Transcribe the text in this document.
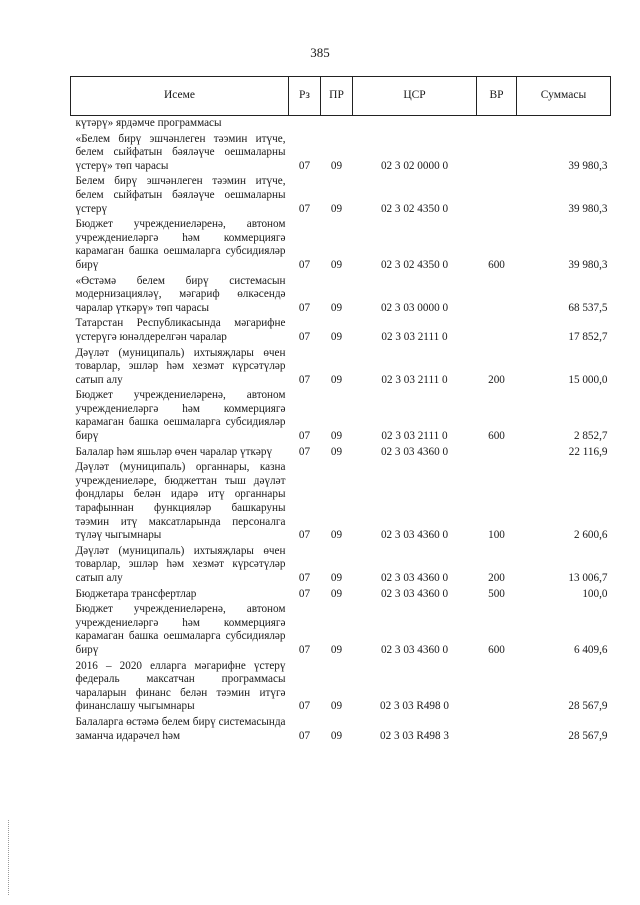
385
Исеме	Рз	ПР	ЦСР	ВР	Суммасы
күтәрү» ярдәмче программасы					
«Белем бирү эшчәнлеген тәэмин итүче, белем сыйфатын бәяләүче оешмаларны үстерү» төп чарасы	07	09	02 3 02 0000 0		39 980,3
Белем бирү эшчәнлеген тәэмин итүче, белем сыйфатын бәяләүче оешмаларны үстерү	07	09	02 3 02 4350 0		39 980,3
Бюджет учреждениеләренә, автоном учреждениеләргә һәм коммерциягә карамаган башка оешмаларга субсидияләр бирү	07	09	02 3 02 4350 0	600	39 980,3
«Өстәмә белем бирү системасын модернизацияләү, мәгариф өлкәсендә чаралар үткәрү» төп чарасы	07	09	02 3 03 0000 0		68 537,5
Татарстан Республикасында мәгарифне үстерүгә юнәлдерелгән чаралар	07	09	02 3 03 2111 0		17 852,7
Дәүләт (муниципаль) ихтыяҗлары өчен товарлар, эшләр һәм хезмәт күрсәтүләр сатып алу	07	09	02 3 03 2111 0	200	15 000,0
Бюджет учреждениеләренә, автоном учреждениеләргә һәм коммерциягә карамаган башка оешмаларга субсидияләр бирү	07	09	02 3 03 2111 0	600	2 852,7
Балалар һәм яшьләр өчен чаралар үткәрү	07	09	02 3 03 4360 0		22 116,9
Дәүләт (муниципаль) органнары, казна учреждениеләре, бюджеттан тыш дәүләт фондлары белән идарә итү органнары тарафыннан функцияләр башкаруны тәэмин итү максатларында персоналга түләү чыгымнары	07	09	02 3 03 4360 0	100	2 600,6
Дәүләт (муниципаль) ихтыяҗлары өчен товарлар, эшләр һәм хезмәт күрсәтүләр сатып алу	07	09	02 3 03 4360 0	200	13 006,7
Бюджетара трансфертлар	07	09	02 3 03 4360 0	500	100,0
Бюджет учреждениеләренә, автоном учреждениеләргә һәм коммерциягә карамаган башка оешмаларга субсидияләр бирү	07	09	02 3 03 4360 0	600	6 409,6
2016 – 2020 елларга мәгарифне үстерү федераль максатчан программасы чараларын финанс белән тәэмин итүгә финанслашу чыгымнары	07	09	02 3 03 R498 0		28 567,9
Балаларга өстәмә белем бирү системасында заманча идарәчел һәм	07	09	02 3 03 R498 3		28 567,9
